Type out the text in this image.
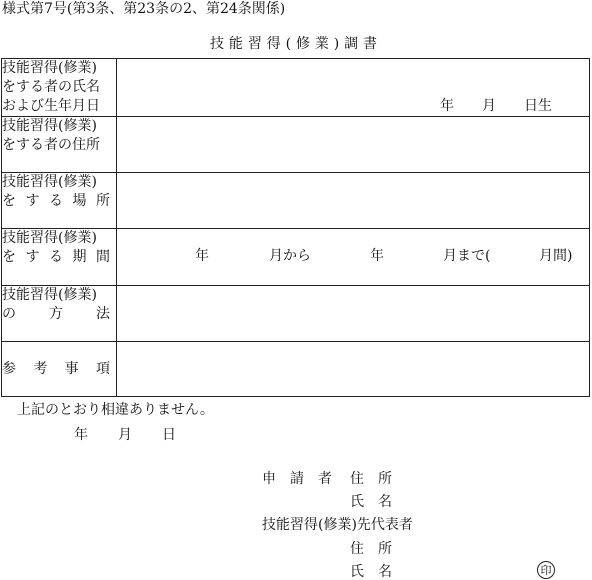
様式第7号(第3条、第23条の2、第24条関係)
技能習得(修業)調書
技能習得(修業)
をする者の氏名
および生年月日	年　　月　　日生

技能習得(修業)
をする者の住所	

技能習得(修業)
を す る 場 所	

技能習得(修業)
を す る 期 間	年 月から 年 月まで( 月間)

技能習得(修業)
の　　方　　法	

参　考　事　項	

上記のとおり相違ありません。
年 月 日
申　請　者 住　所
氏　名
技能習得(修業)先代表者
住　所
氏　名	印
